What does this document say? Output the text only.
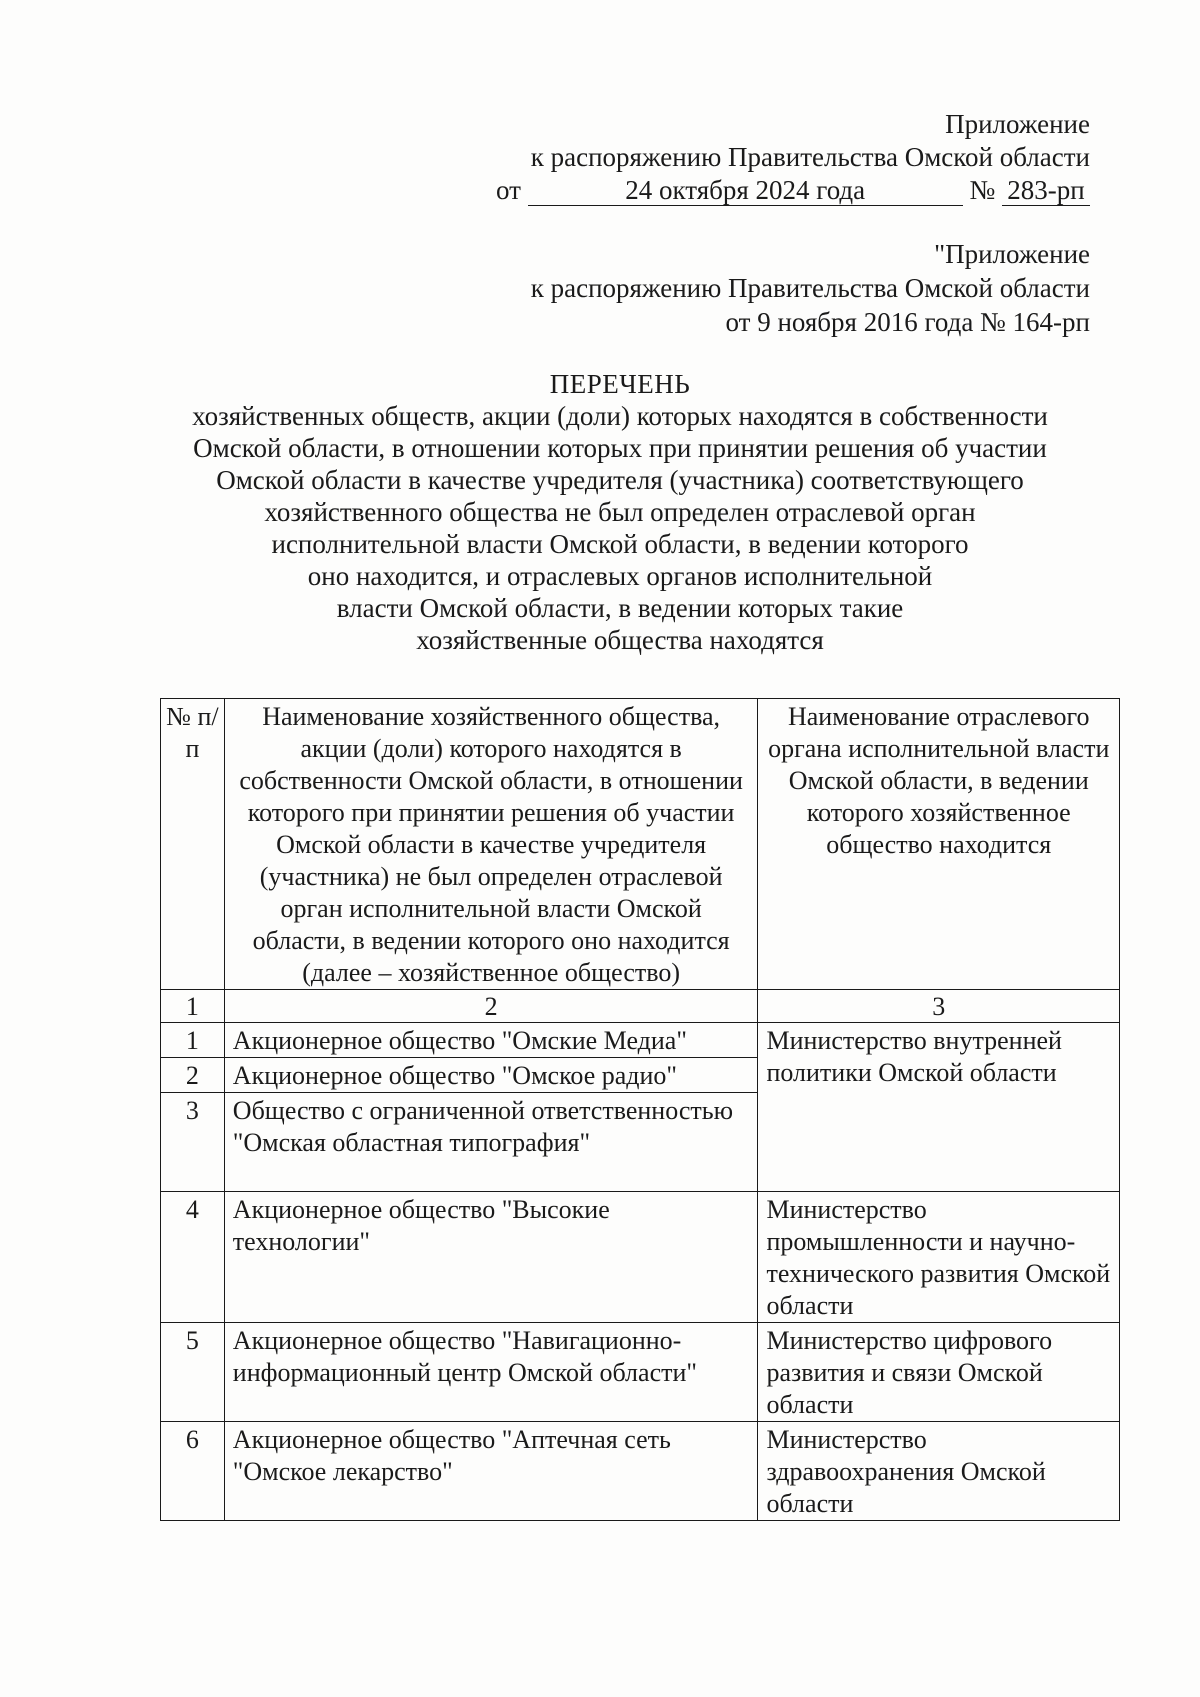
Приложение
к распоряжению Правительства Омской области
от	24 октября 2024 года	№ 283-рп
"Приложение
к распоряжению Правительства Омской области
от 9 ноября 2016 года № 164-рп
ПЕРЕЧЕНЬ
хозяйственных обществ, акции (доли) которых находятся в собственности
Омской области, в отношении которых при принятии решения об участии
Омской области в качестве учредителя (участника) соответствующего
хозяйственного общества не был определен отраслевой орган
исполнительной власти Омской области, в ведении которого
оно находится, и отраслевых органов исполнительной
власти Омской области, в ведении которых такие
хозяйственные общества находятся
№ п/п	Наименование хозяйственного общества, акции (доли) которого находятся в собственности Омской области, в отношении которого при принятии решения об участии Омской области в качестве учредителя (участника) не был определен отраслевой орган исполнительной власти Омской области, в ведении которого оно находится (далее – хозяйственное общество)	Наименование отраслевого органа исполнительной власти Омской области, в ведении которого хозяйственное общество находится
1	2	3
1	Акционерное общество "Омские Медиа"	Министерство внутренней политики Омской области
2	Акционерное общество "Омское радио"	
3	Общество с ограниченной ответственностью "Омская областная типография"	
4	Акционерное общество "Высокие технологии"	Министерство промышленности и научно-технического развития Омской области
5	Акционерное общество "Навигационно-информационный центр Омской области"	Министерство цифрового развития и связи Омской области
6	Акционерное общество "Аптечная сеть "Омское лекарство"	Министерство здравоохранения Омской области
